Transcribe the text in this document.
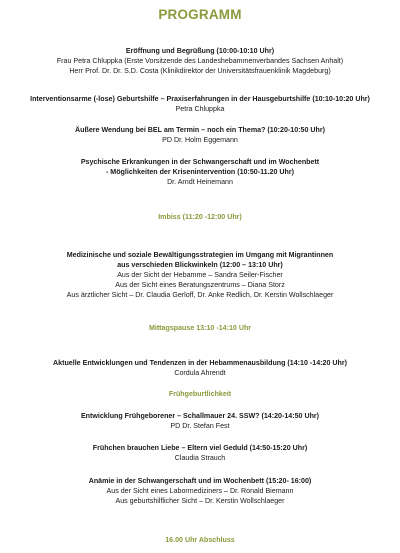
PROGRAMM
Eröffnung und Begrüßung (10:00-10:10 Uhr)
Frau Petra Chluppka (Erste Vorsitzende des Landeshebammenverbandes Sachsen Anhalt)
Herr Prof. Dr. Dr. S.D. Costa (Klinikdirektor der Universitätsfrauenklinik Magdeburg)
Interventionsarme (-lose) Geburtshilfe – Praxiserfahrungen in der Hausgeburtshilfe (10:10-10:20 Uhr)
Petra Chluppka
Äußere Wendung bei BEL am Termin – noch ein Thema? (10:20-10:50 Uhr)
PD Dr. Holm Eggemann
Psychische Erkrankungen in der Schwangerschaft und im Wochenbett
- Möglichkeiten der Krisenintervention (10:50-11.20 Uhr)
Dr. Arndt Heinemann
Imbiss (11:20 -12:00 Uhr)
Medizinische und soziale Bewältigungsstrategien im Umgang mit Migrantinnen
aus verschieden Blickwinkeln (12:00 – 13:10 Uhr)
Aus der Sicht der Hebamme – Sandra Seiler-Fischer
Aus der Sicht eines Beratungszentrums – Diana Storz
Aus ärztlicher Sicht – Dr. Claudia Gerloff, Dr. Anke Redlich, Dr. Kerstin Wollschlaeger
Mittagspause 13:10 -14:10 Uhr
Aktuelle Entwicklungen und Tendenzen in der Hebammenausbildung (14:10 -14:20 Uhr)
Cordula Ahrendt
Frühgeburtlichkeit
Entwicklung Frühgeborener – Schallmauer 24. SSW? (14:20-14:50 Uhr)
PD Dr. Stefan Fest
Frühchen brauchen Liebe – Eltern viel Geduld (14:50-15:20 Uhr)
Claudia Strauch
Anämie in der Schwangerschaft und im Wochenbett (15:20- 16:00)
Aus der Sicht eines Labormediziners – Dr. Ronald Biemann
Aus geburtshilflicher Sicht – Dr. Kerstin Wollschlaeger
16.00 Uhr Abschluss
